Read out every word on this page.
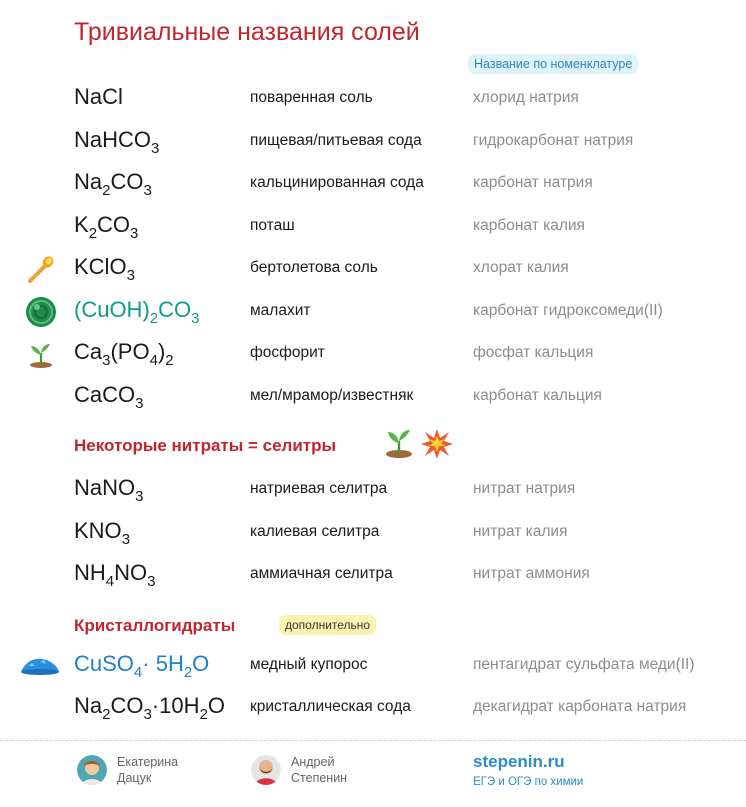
Тривиальные названия солей
Название по номенклатуре
NaCl	поваренная соль	хлорид натрия
NaHCO$_3$	пищевая/питьевая сода	гидрокарбонат натрия
$Na_2CO_3$	кальцинированная сода	карбонат натрия
$K_2CO_3$	поташ	карбонат калия
KClO$_3$	бертолетова соль	хлорат калия
$(CuOH)_2CO_3$	малахит	карбонат гидроксомеди(II)
$Ca_3(PO_4)_2$	фосфорит	фосфат кальция
CaCO$_3$	мел/мрамор/известняк	карбонат кальция
Некоторые нитраты = селитры
NaNO$_3$	натриевая селитра	нитрат натрия
$KNO_3$	калиевая селитра	нитрат калия
$NH_4NO_3$	аммиачная селитра	нитрат аммония
Кристаллогидраты	дополнительно
CuSO$_4$· $5H_2O$	медный купорос	пентагидрат сульфата меди(II)
$Na_2CO_3\cdot 10H_2O$ кристаллическая сода	декагидрат карбоната натрия
Екатерина
Дацук
Андрей
Степенин
stepenin.ru
ЕГЭ и ОГЭ по химии
